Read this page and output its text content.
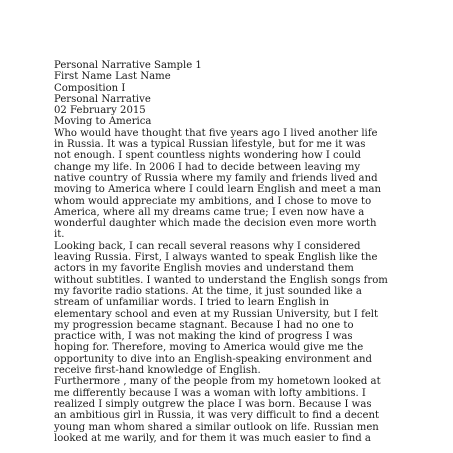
Personal Narrative Sample 1
First Name Last Name
Composition I
Personal Narrative
02 February 2015
Moving to America
Who would have thought that five years ago I lived another life
in Russia. It was a typical Russian lifestyle, but for me it was
not enough. I spent countless nights wondering how I could
change my life. In 2006 I had to decide between leaving my
native country of Russia where my family and friends lived and
moving to America where I could learn English and meet a man
whom would appreciate my ambitions, and I chose to move to
America, where all my dreams came true; I even now have a
wonderful daughter which made the decision even more worth
it.
Looking back, I can recall several reasons why I considered
leaving Russia. First, I always wanted to speak English like the
actors in my favorite English movies and understand them
without subtitles. I wanted to understand the English songs from
my favorite radio stations. At the time, it just sounded like a
stream of unfamiliar words. I tried to learn English in
elementary school and even at my Russian University, but I felt
my progression became stagnant. Because I had no one to
practice with, I was not making the kind of progress I was
hoping for. Therefore, moving to America would give me the
opportunity to dive into an English-speaking environment and
receive first-hand knowledge of English.
Furthermore , many of the people from my hometown looked at
me differently because I was a woman with lofty ambitions. I
realized I simply outgrew the place I was born. Because I was
an ambitious girl in Russia, it was very difficult to find a decent
young man whom shared a similar outlook on life. Russian men
looked at me warily, and for them it was much easier to find a
